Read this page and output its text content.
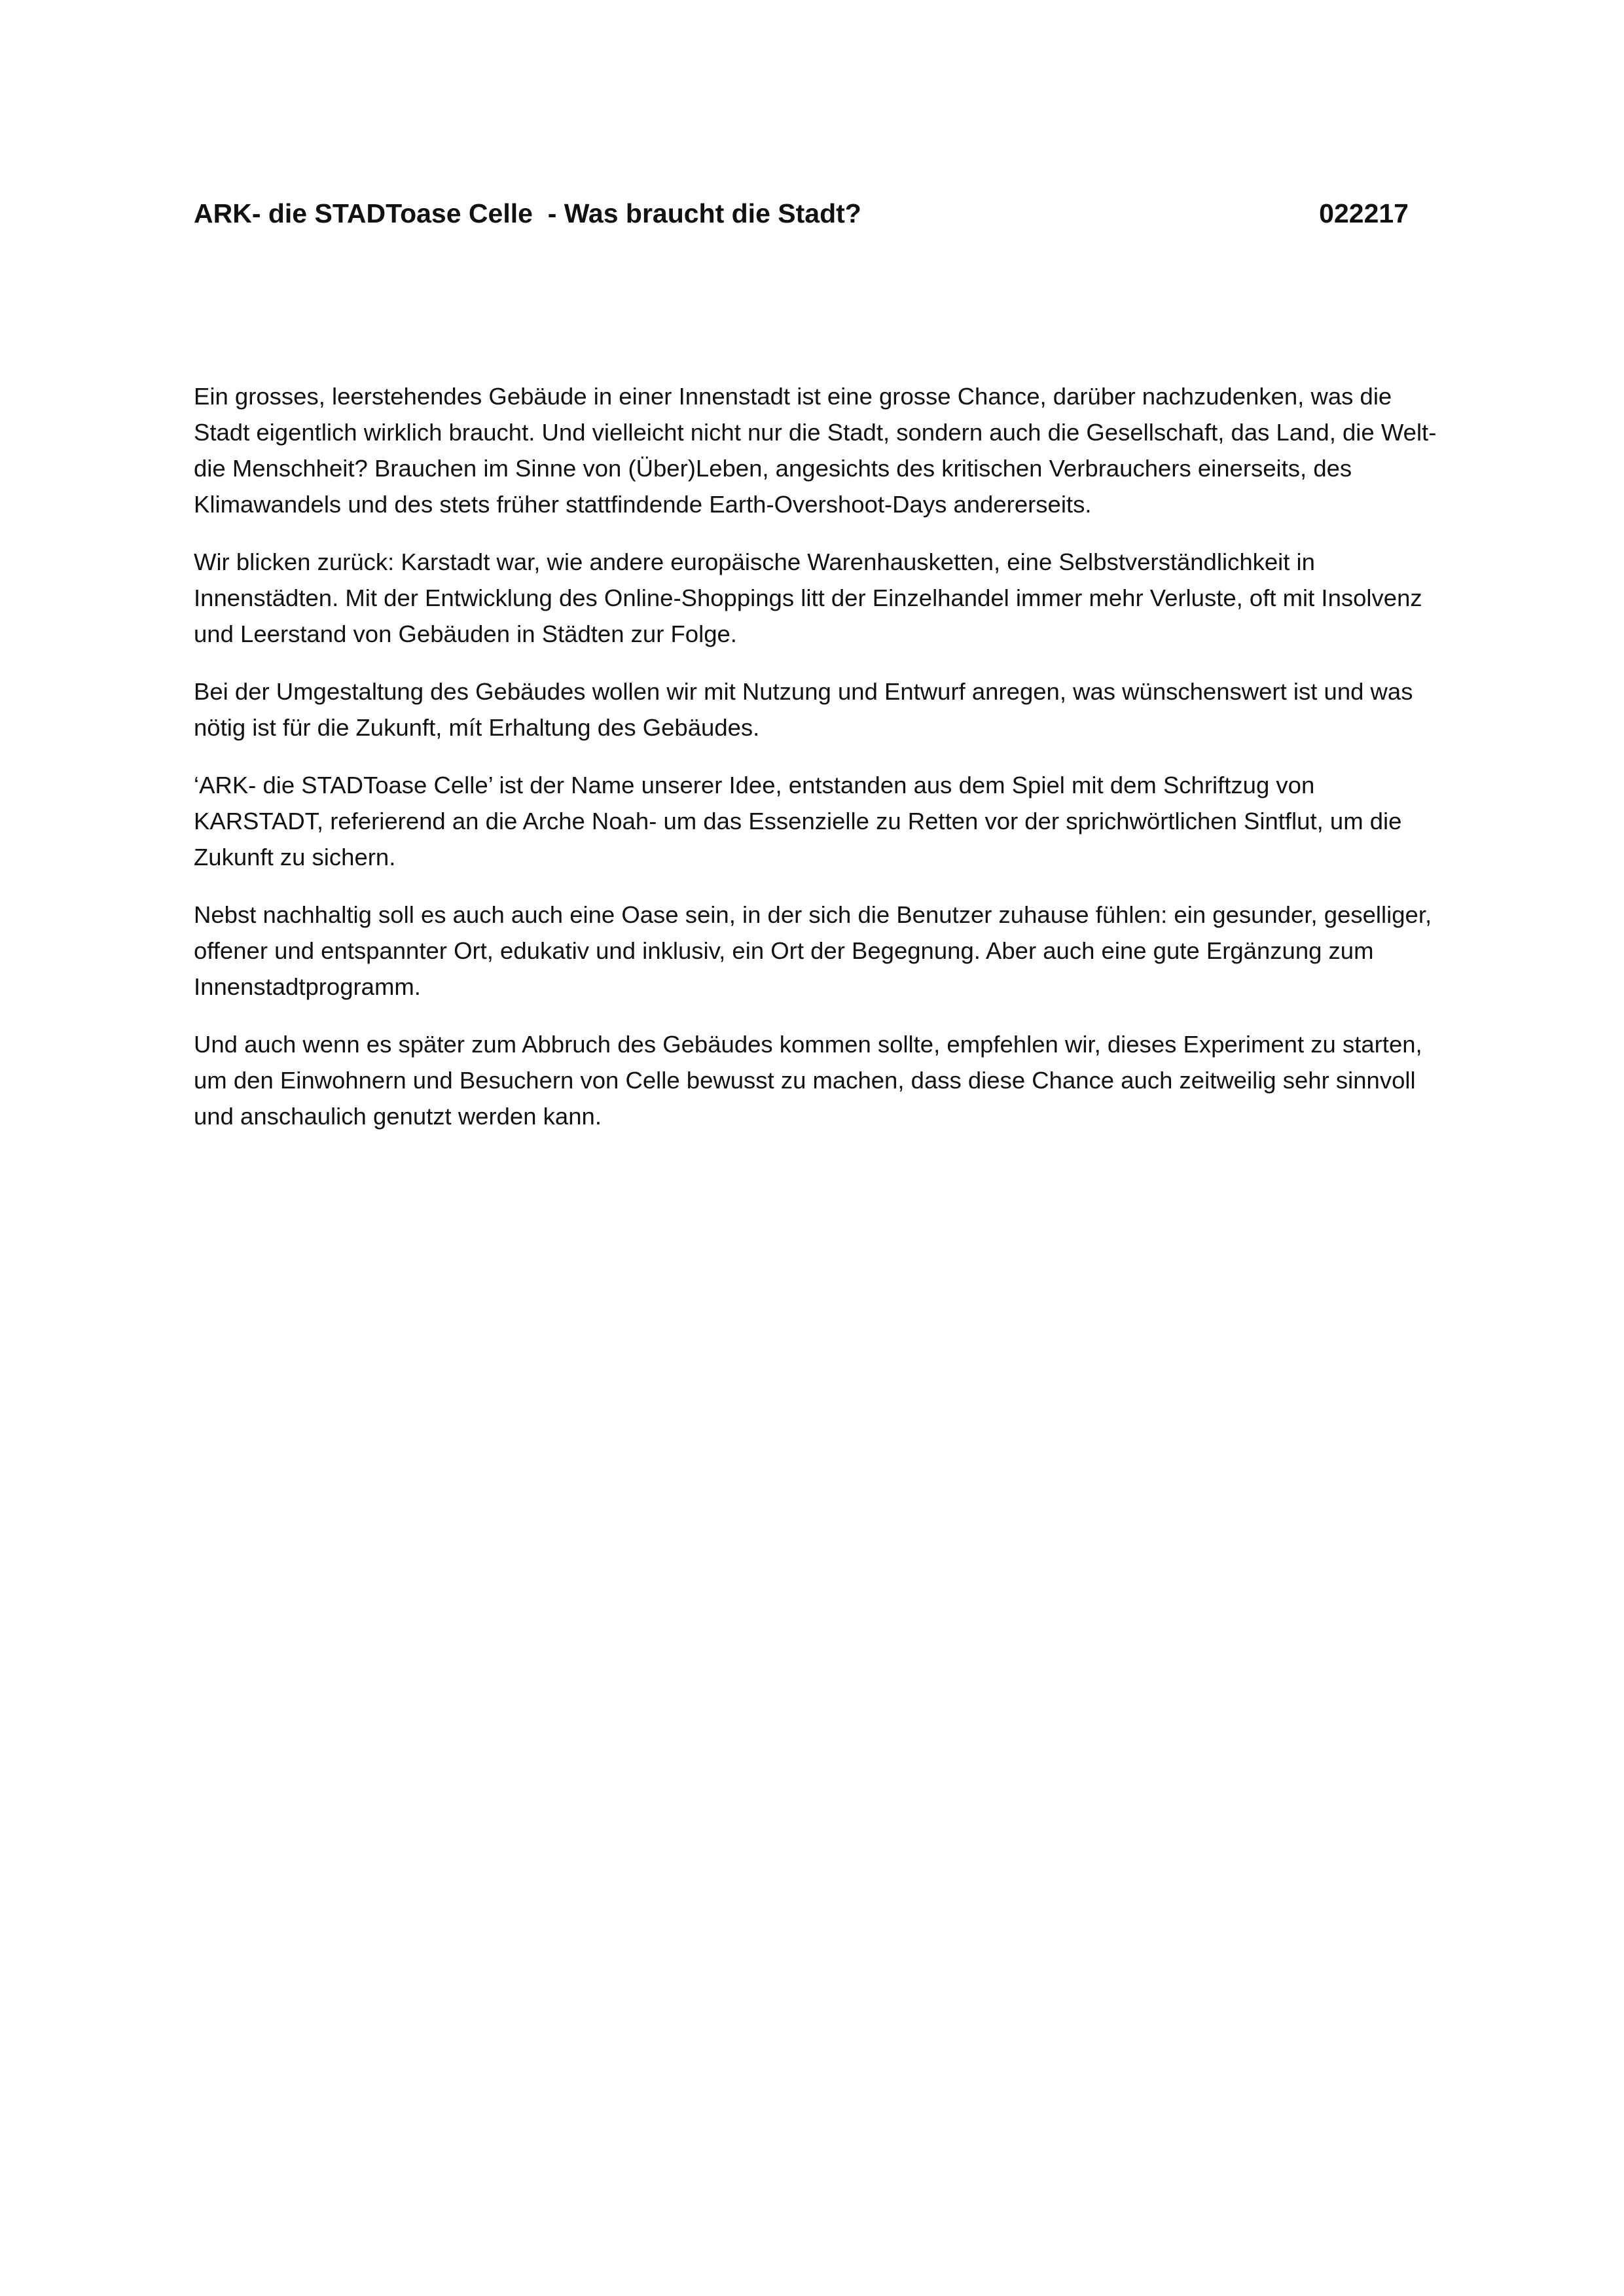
ARK- die STADToase Celle  - Was braucht die Stadt?	022217

Ein grosses, leerstehendes Gebäude in einer Innenstadt ist eine grosse Chance, darüber nachzudenken, was die Stadt eigentlich wirklich braucht. Und vielleicht nicht nur die Stadt, sondern auch die Gesellschaft, das Land, die Welt- die Menschheit? Brauchen im Sinne von (Über)Leben, angesichts des kritischen Verbrauchers einerseits, des Klimawandels und des stets früher stattfindende Earth-Overshoot-Days andererseits.

Wir blicken zurück: Karstadt war, wie andere europäische Warenhausketten, eine Selbstverständlichkeit in Innenstädten. Mit der Entwicklung des Online-Shoppings litt der Einzelhandel immer mehr Verluste, oft mit Insolvenz und Leerstand von Gebäuden in Städten zur Folge.

Bei der Umgestaltung des Gebäudes wollen wir mit Nutzung und Entwurf anregen, was wünschenswert ist und was nötig ist für die Zukunft, mít Erhaltung des Gebäudes.

‘ARK- die STADToase Celle’ ist der Name unserer Idee, entstanden aus dem Spiel mit dem Schriftzug von KARSTADT, referierend an die Arche Noah- um das Essenzielle zu Retten vor der sprichwörtlichen Sintflut, um die Zukunft zu sichern.

Nebst nachhaltig soll es auch auch eine Oase sein, in der sich die Benutzer zuhause fühlen: ein gesunder, geselliger, offener und entspannter Ort, edukativ und inklusiv, ein Ort der Begegnung. Aber auch eine gute Ergänzung zum Innenstadtprogramm.

Und auch wenn es später zum Abbruch des Gebäudes kommen sollte, empfehlen wir, dieses Experiment zu starten, um den Einwohnern und Besuchern von Celle bewusst zu machen, dass diese Chance auch zeitweilig sehr sinnvoll und anschaulich genutzt werden kann.
